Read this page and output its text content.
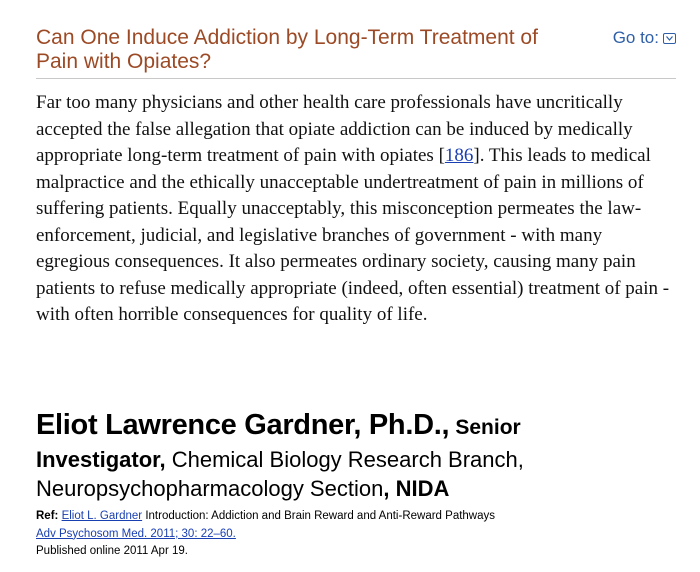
Can One Induce Addiction by Long-Term Treatment of Pain with Opiates?
Go to:

Far too many physicians and other health care professionals have uncritically accepted the false allegation that opiate addiction can be induced by medically appropriate long-term treatment of pain with opiates [186]. This leads to medical malpractice and the ethically unacceptable undertreatment of pain in millions of suffering patients. Equally unacceptably, this misconception permeates the law-enforcement, judicial, and legislative branches of government - with many egregious consequences. It also permeates ordinary society, causing many pain patients to refuse medically appropriate (indeed, often essential) treatment of pain - with often horrible consequences for quality of life.

Eliot Lawrence Gardner, Ph.D., Senior
Investigator, Chemical Biology Research Branch,
Neuropsychopharmacology Section, NIDA
Ref: Eliot L. Gardner Introduction: Addiction and Brain Reward and Anti-Reward Pathways
Adv Psychosom Med. 2011; 30: 22–60.
Published online 2011 Apr 19.
